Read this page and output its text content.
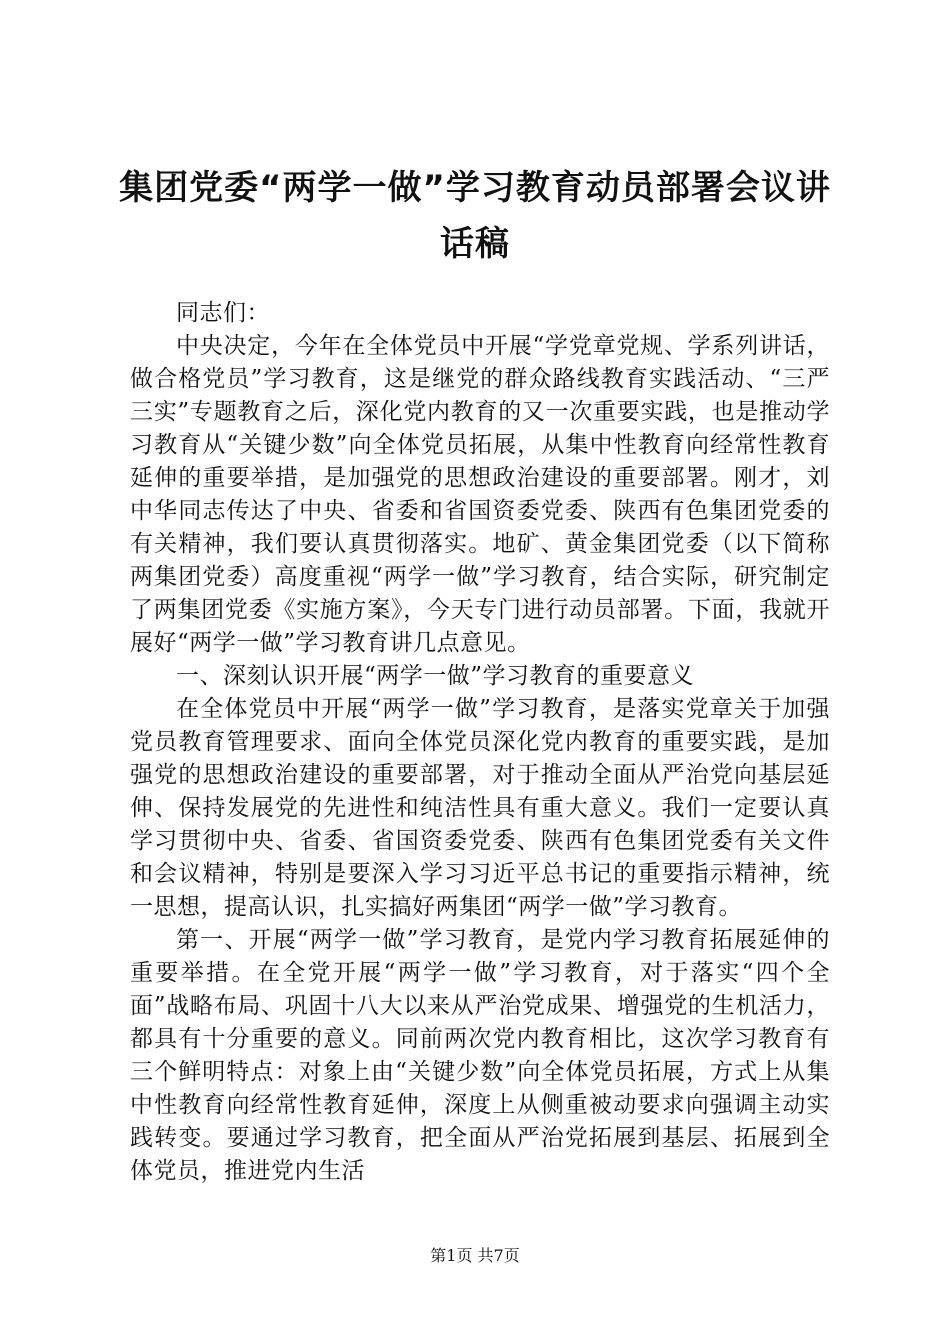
集团党委“两学一做”学习教育动员部署会议讲话稿

同志们：

中央决定，今年在全体党员中开展“学党章党规、学系列讲话，做合格党员”学习教育，这是继党的群众路线教育实践活动、“三严三实”专题教育之后，深化党内教育的又一次重要实践，也是推动学习教育从“关键少数”向全体党员拓展，从集中性教育向经常性教育延伸的重要举措，是加强党的思想政治建设的重要部署。刚才，刘中华同志传达了中央、省委和省国资委党委、陕西有色集团党委的有关精神，我们要认真贯彻落实。地矿、黄金集团党委（以下简称两集团党委）高度重视“两学一做”学习教育，结合实际，研究制定了两集团党委《实施方案》，今天专门进行动员部署。下面，我就开展好“两学一做”学习教育讲几点意见。

一、深刻认识开展“两学一做”学习教育的重要意义

在全体党员中开展“两学一做”学习教育，是落实党章关于加强党员教育管理要求、面向全体党员深化党内教育的重要实践，是加强党的思想政治建设的重要部署，对于推动全面从严治党向基层延伸、保持发展党的先进性和纯洁性具有重大意义。我们一定要认真学习贯彻中央、省委、省国资委党委、陕西有色集团党委有关文件和会议精神，特别是要深入学习习近平总书记的重要指示精神，统一思想，提高认识，扎实搞好两集团“两学一做”学习教育。

第一、开展“两学一做”学习教育，是党内学习教育拓展延伸的重要举措。在全党开展“两学一做”学习教育，对于落实“四个全面”战略布局、巩固十八大以来从严治党成果、增强党的生机活力，都具有十分重要的意义。同前两次党内教育相比，这次学习教育有三个鲜明特点：对象上由“关键少数”向全体党员拓展，方式上从集中性教育向经常性教育延伸，深度上从侧重被动要求向强调主动实践转变。要通过学习教育，把全面从严治党拓展到基层、拓展到全体党员，推进党内生活

第1页 共7页
